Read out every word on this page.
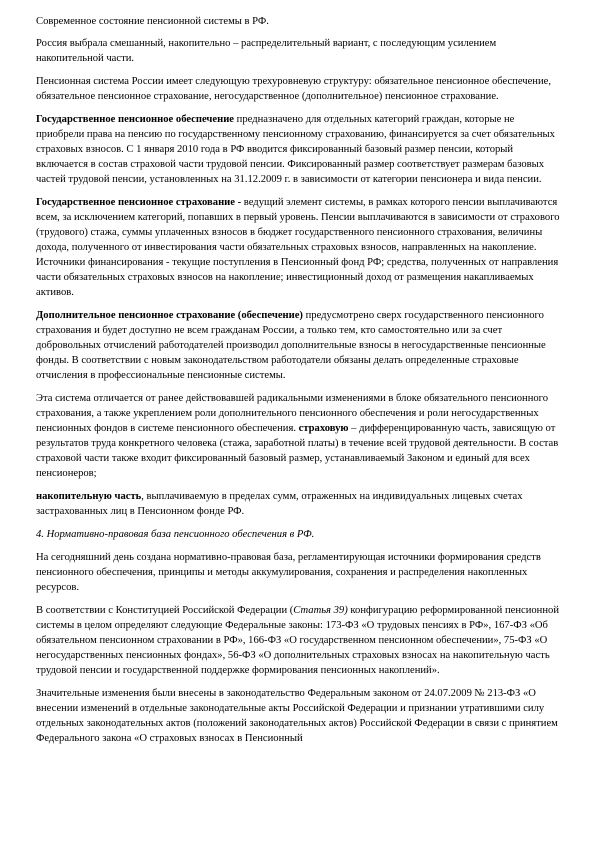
Современное состояние пенсионной системы в РФ.

Россия выбрала смешанный, накопительно – распределительный вариант, с последующим усилением накопительной части.

Пенсионная система России имеет следующую трехуровневую структуру: обязательное пенсионное обеспечение, обязательное пенсионное страхование, негосударственное (дополнительное) пенсионное страхование.

Государственное пенсионное обеспечение предназначено для отдельных категорий граждан, которые не приобрели права на пенсию по государственному пенсионному страхованию, финансируется за счет обязательных страховых взносов. С 1 января 2010 года в РФ вводится фиксированный базовый размер пенсии, который включается в состав страховой части трудовой пенсии. Фиксированный размер соответствует размерам базовых частей трудовой пенсии, установленных на 31.12.2009 г. в зависимости от категории пенсионера и вида пенсии.

Государственное пенсионное страхование - ведущий элемент системы, в рамках которого пенсии выплачиваются всем, за исключением категорий, попавших в первый уровень. Пенсии выплачиваются в зависимости от страхового (трудового) стажа, суммы уплаченных взносов в бюджет государственного пенсионного страхования, величины дохода, полученного от инвестирования части обязательных страховых взносов, направленных на накопление. Источники финансирования - текущие поступления в Пенсионный фонд РФ; средства, полученных от направления части обязательных страховых взносов на накопление; инвестиционный доход от размещения накапливаемых активов.

Дополнительное пенсионное страхование (обеспечение) предусмотрено сверх государственного пенсионного страхования и будет доступно не всем гражданам России, а только тем, кто самостоятельно или за счет добровольных отчислений работодателей производил дополнительные взносы в негосударственные пенсионные фонды. В соответствии с новым законодательством работодатели обязаны делать определенные страховые отчисления в профессиональные пенсионные системы.

Эта система отличается от ранее действовавшей радикальными изменениями в блоке обязательного пенсионного страхования, а также укреплением роли дополнительного пенсионного обеспечения и роли негосударственных пенсионных фондов в системе пенсионного обеспечения. страховую – дифференцированную часть, зависящую от результатов труда конкретного человека (стажа, заработной платы) в течение всей трудовой деятельности. В состав страховой части также входит фиксированный базовый размер, устанавливаемый Законом и единый для всех пенсионеров;

накопительную часть, выплачиваемую в пределах сумм, отраженных на индивидуальных лицевых счетах застрахованных лиц в Пенсионном фонде РФ.

4. Нормативно-правовая база пенсионного обеспечения в РФ.

На сегодняшний день создана нормативно-правовая база, регламентирующая источники формирования средств пенсионного обеспечения, принципы и методы аккумулирования, сохранения и распределения накопленных ресурсов.

В соответствии с Конституцией Российской Федерации (Статья 39) конфигурацию реформированной пенсионной системы в целом определяют следующие Федеральные законы: 173-ФЗ «О трудовых пенсиях в РФ», 167-ФЗ «Об обязательном пенсионном страховании в РФ», 166-ФЗ «О государственном пенсионном обеспечении», 75-ФЗ «О негосударственных пенсионных фондах», 56-ФЗ «О дополнительных страховых взносах на накопительную часть трудовой пенсии и государственной поддержке формирования пенсионных накоплений».

Значительные изменения были внесены в законодательство Федеральным законом от 24.07.2009 № 213-ФЗ «О внесении изменений в отдельные законодательные акты Российской Федерации и признании утратившими силу отдельных законодательных актов (положений законодательных актов) Российской Федерации в связи с принятием Федерального закона «О страховых взносах в Пенсионный
